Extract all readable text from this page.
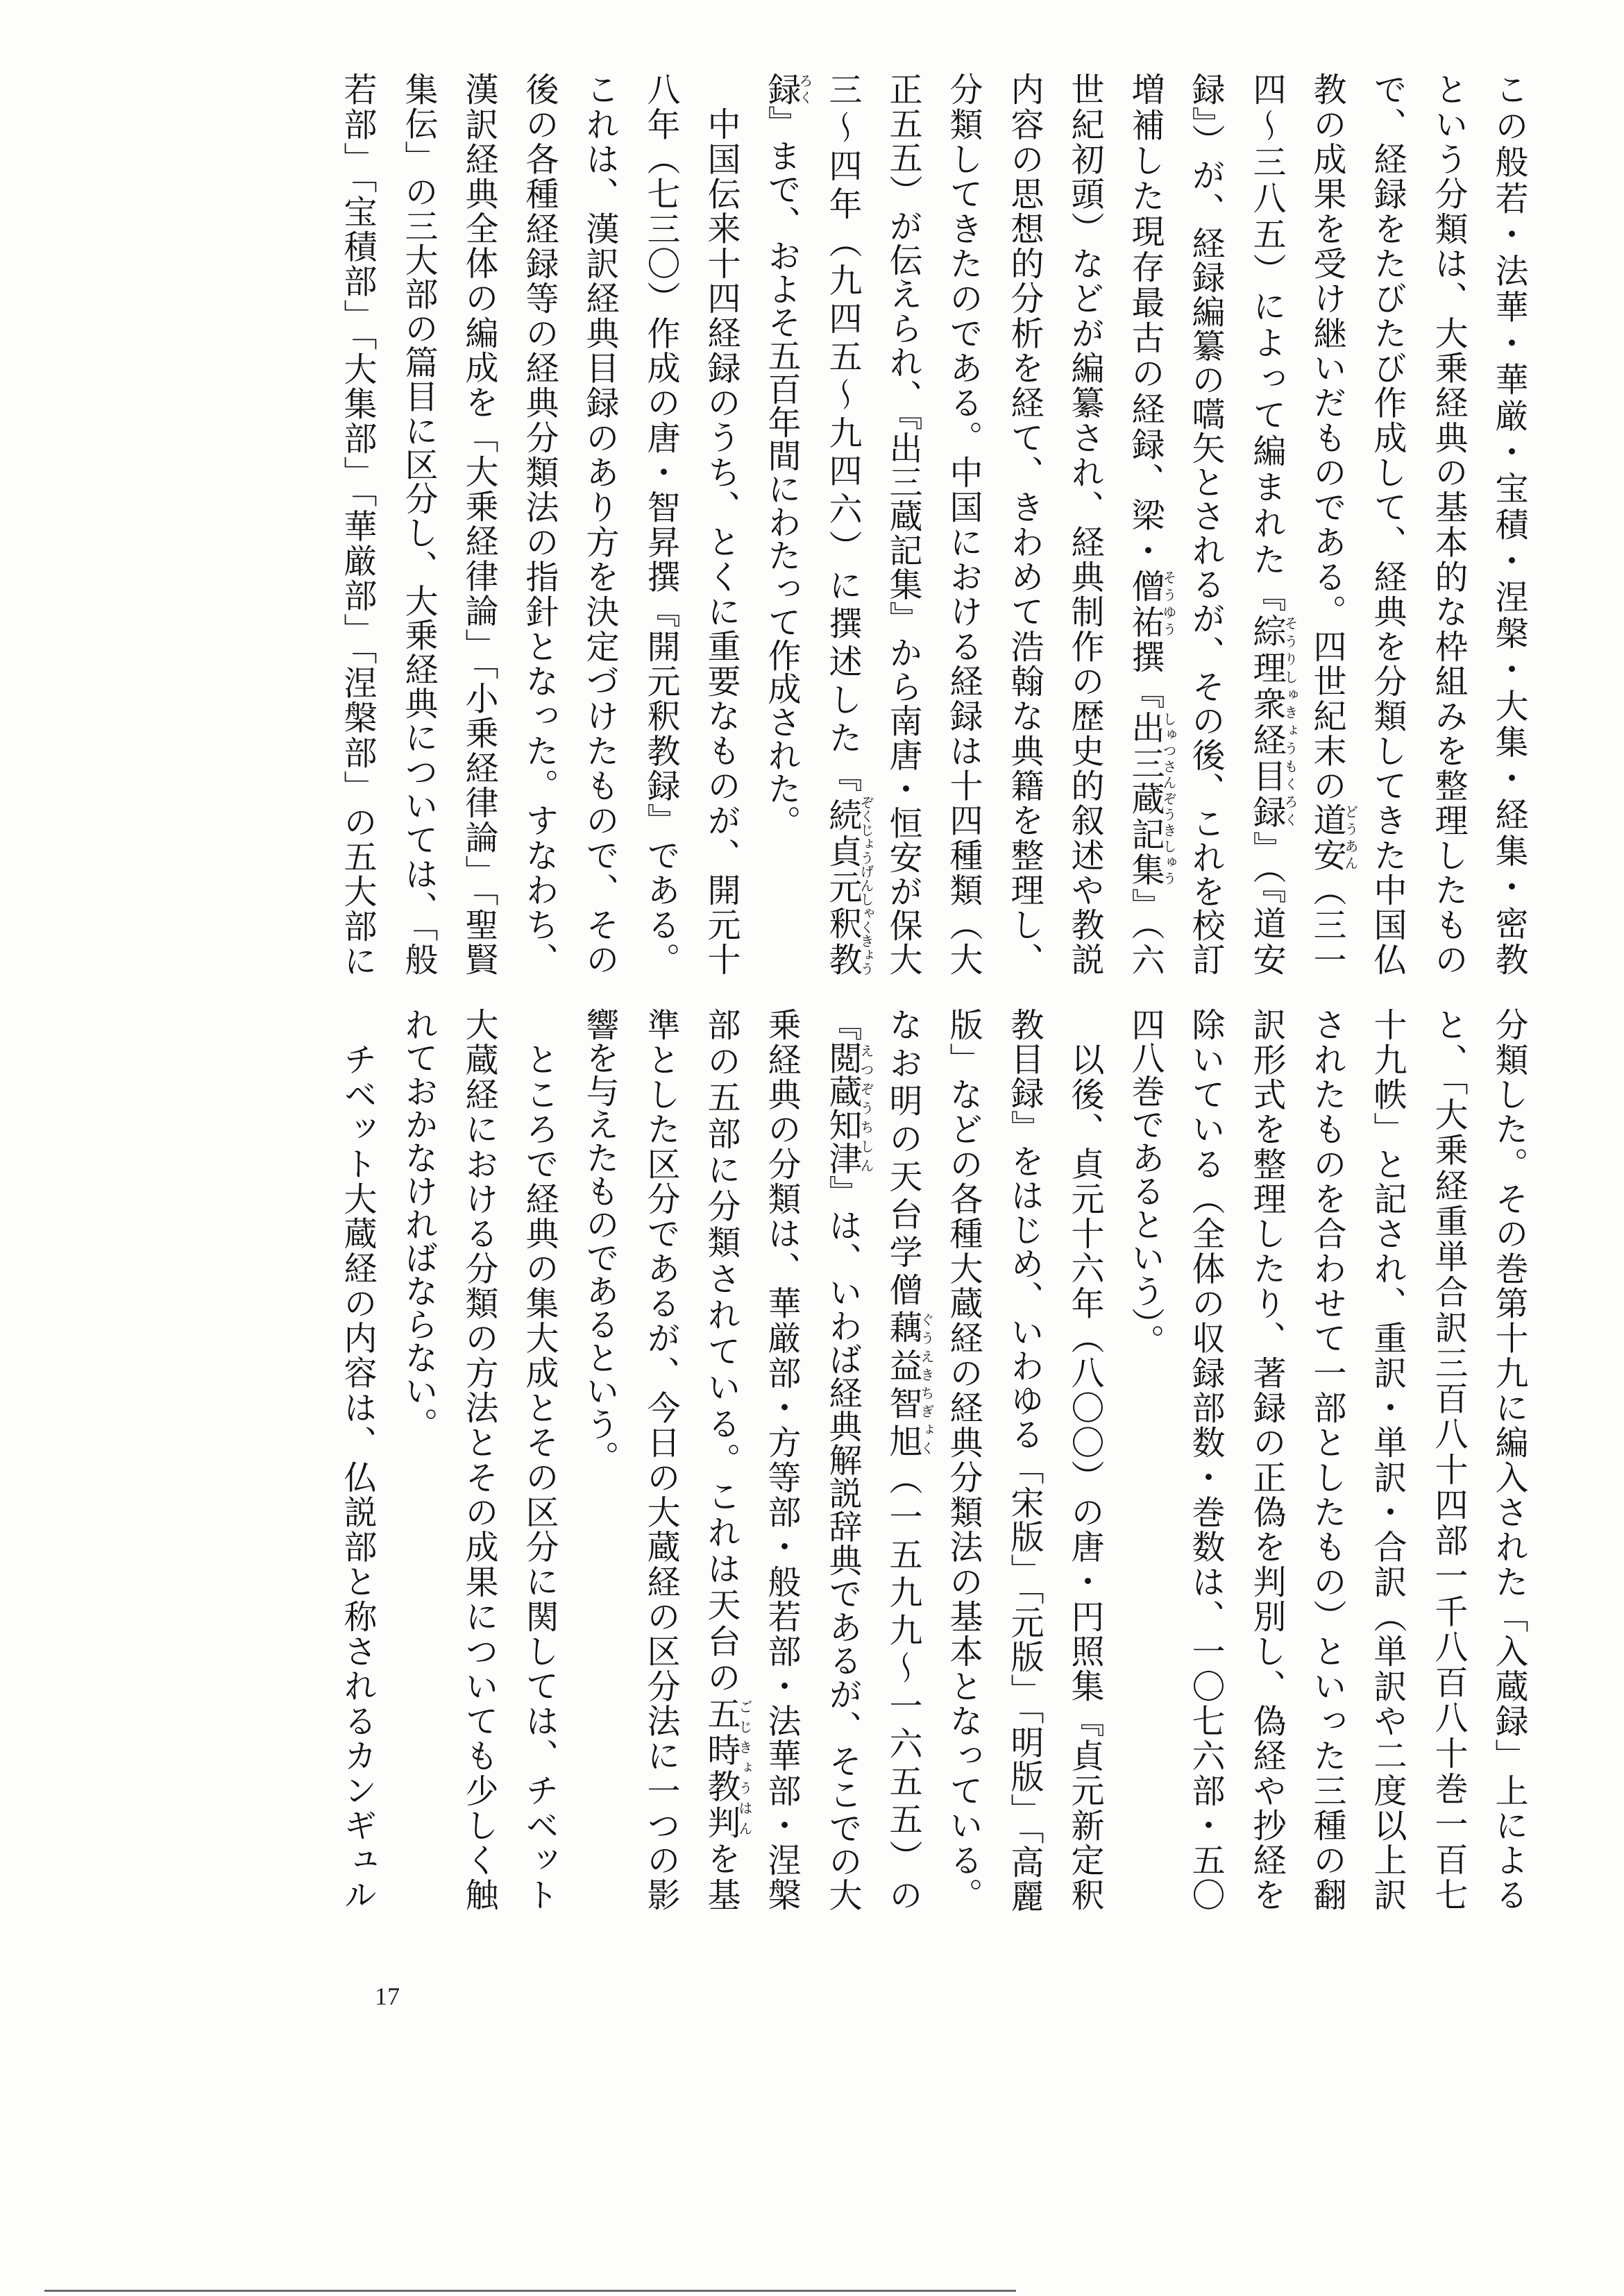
この般若・法華・華厳・宝積・涅槃・大集・経集・密教
という分類は、大乗経典の基本的な枠組みを整理したもの
で、経録をたびたび作成して、経典を分類してきた中国仏
教の成果を受け継いだものである。四世紀末の道安どうあん（三一
四～三八五）によって編まれた『綜理衆経目録そうりしゅきょうもくろく』（『道安
録』）が、経録編纂の嚆矢とされるが、その後、これを校訂
増補した現存最古の経録、梁・僧祐そうゆう撰『出三蔵記集しゅつさんぞうきしゅう』（六
世紀初頭）などが編纂され、経典制作の歴史的叙述や教説
内容の思想的分析を経て、きわめて浩翰な典籍を整理し、
分類してきたのである。中国における経録は十四種類（大
正五五）が伝えられ、『出三蔵記集』から南唐・恒安が保大
三～四年（九四五～九四六）に撰述した『続貞元釈教ぞくじょうげんしゃくきょう
録ろく』まで、およそ五百年間にわたって作成された。
中国伝来十四経録のうち、とくに重要なものが、開元十
八年（七三〇）作成の唐・智昇撰『開元釈教録』である。
これは、漢訳経典目録のあり方を決定づけたもので、その
後の各種経録等の経典分類法の指針となった。すなわち、
漢訳経典全体の編成を「大乗経律論」「小乗経律論」「聖賢
集伝」の三大部の篇目に区分し、大乗経典については、「般
若部」「宝積部」「大集部」「華厳部」「涅槃部」の五大部に
分類した。その巻第十九に編入された「入蔵録」上による
と、「大乗経重単合訳三百八十四部一千八百八十巻一百七
十九帙」と記され、重訳・単訳・合訳（単訳や二度以上訳
されたものを合わせて一部としたもの）といった三種の翻
訳形式を整理したり、著録の正偽を判別し、偽経や抄経を
除いている（全体の収録部数・巻数は、一〇七六部・五〇
四八巻であるという）。
以後、貞元十六年（八〇〇）の唐・円照集『貞元新定釈
教目録』をはじめ、いわゆる「宋版」「元版」「明版」「高麗
版」などの各種大蔵経の経典分類法の基本となっている。
なお明の天台学僧藕益智旭ぐうえきちぎょく（一五九九～一六五五）の
『閲蔵知津えつぞうちしん』は、いわば経典解説辞典であるが、そこでの大
乗経典の分類は、華厳部・方等部・般若部・法華部・涅槃
部の五部に分類されている。これは天台の五時教判ごじきょうはんを基
準とした区分であるが、今日の大蔵経の区分法に一つの影
響を与えたものであるという。
ところで経典の集大成とその区分に関しては、チベット
大蔵経における分類の方法とその成果についても少しく触
れておかなければならない。
チベット大蔵経の内容は、仏説部と称されるカンギュル
17
